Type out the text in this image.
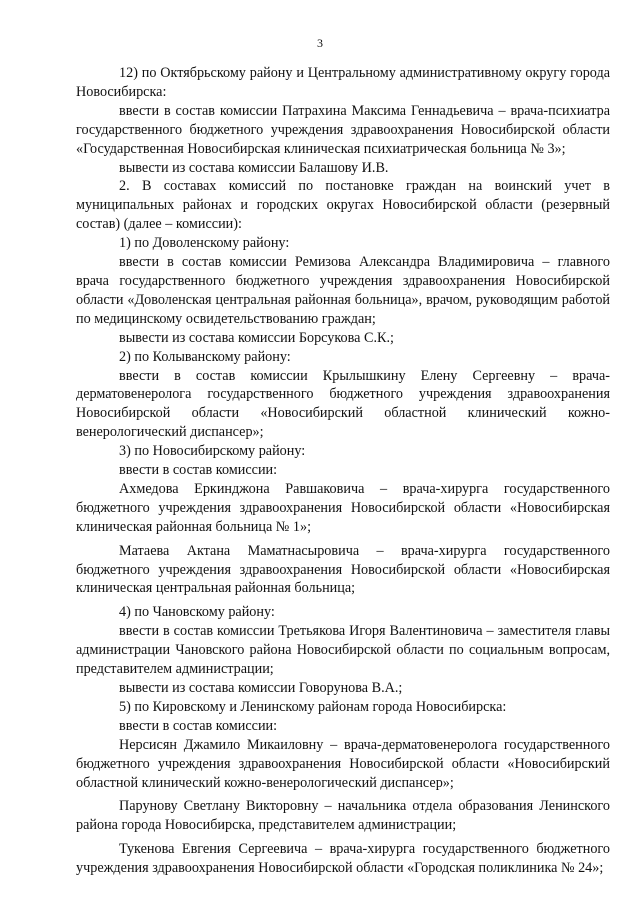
3

12) по Октябрьскому району и Центральному административному округу города Новосибирска:

ввести в состав комиссии Патрахина Максима Геннадьевича – врача-психиатра государственного бюджетного учреждения здравоохранения Новосибирской области «Государственная Новосибирская клиническая психиатрическая больница № 3»;

вывести из состава комиссии Балашову И.В.

2. В составах комиссий по постановке граждан на воинский учет в муниципальных районах и городских округах Новосибирской области (резервный состав) (далее – комиссии):

1) по Доволенскому району:

ввести в состав комиссии Ремизова Александра Владимировича – главного врача государственного бюджетного учреждения здравоохранения Новосибирской области «Доволенская центральная районная больница», врачом, руководящим работой по медицинскому освидетельствованию граждан;

вывести из состава комиссии Борсукова С.К.;

2) по Колыванскому району:

ввести в состав комиссии Крылышкину Елену Сергеевну – врача-дерматовенеролога государственного бюджетного учреждения здравоохранения Новосибирской области «Новосибирский областной клинический кожно-венерологический диспансер»;

3) по Новосибирскому району:

ввести в состав комиссии:

Ахмедова Еркинджона Равшаковича – врача-хирурга государственного бюджетного учреждения здравоохранения Новосибирской области «Новосибирская клиническая районная больница № 1»;

Матаева Актана Маматнасыровича – врача-хирурга государственного бюджетного учреждения здравоохранения Новосибирской области «Новосибирская клиническая центральная районная больница;

4) по Чановскому району:

ввести в состав комиссии Третьякова Игоря Валентиновича – заместителя главы администрации Чановского района Новосибирской области по социальным вопросам, представителем администрации;

вывести из состава комиссии Говорунова В.А.;

5) по Кировскому и Ленинскому районам города Новосибирска:

ввести в состав комиссии:

Нерсисян Джамило Микаиловну – врача-дерматовенеролога государственного бюджетного учреждения здравоохранения Новосибирской области «Новосибирский областной клинический кожно-венерологический диспансер»;

Парунову Светлану Викторовну – начальника отдела образования Ленинского района города Новосибирска, представителем администрации;

Тукенова Евгения Сергеевича – врача-хирурга государственного бюджетного учреждения здравоохранения Новосибирской области «Городская поликлиника № 24»;
